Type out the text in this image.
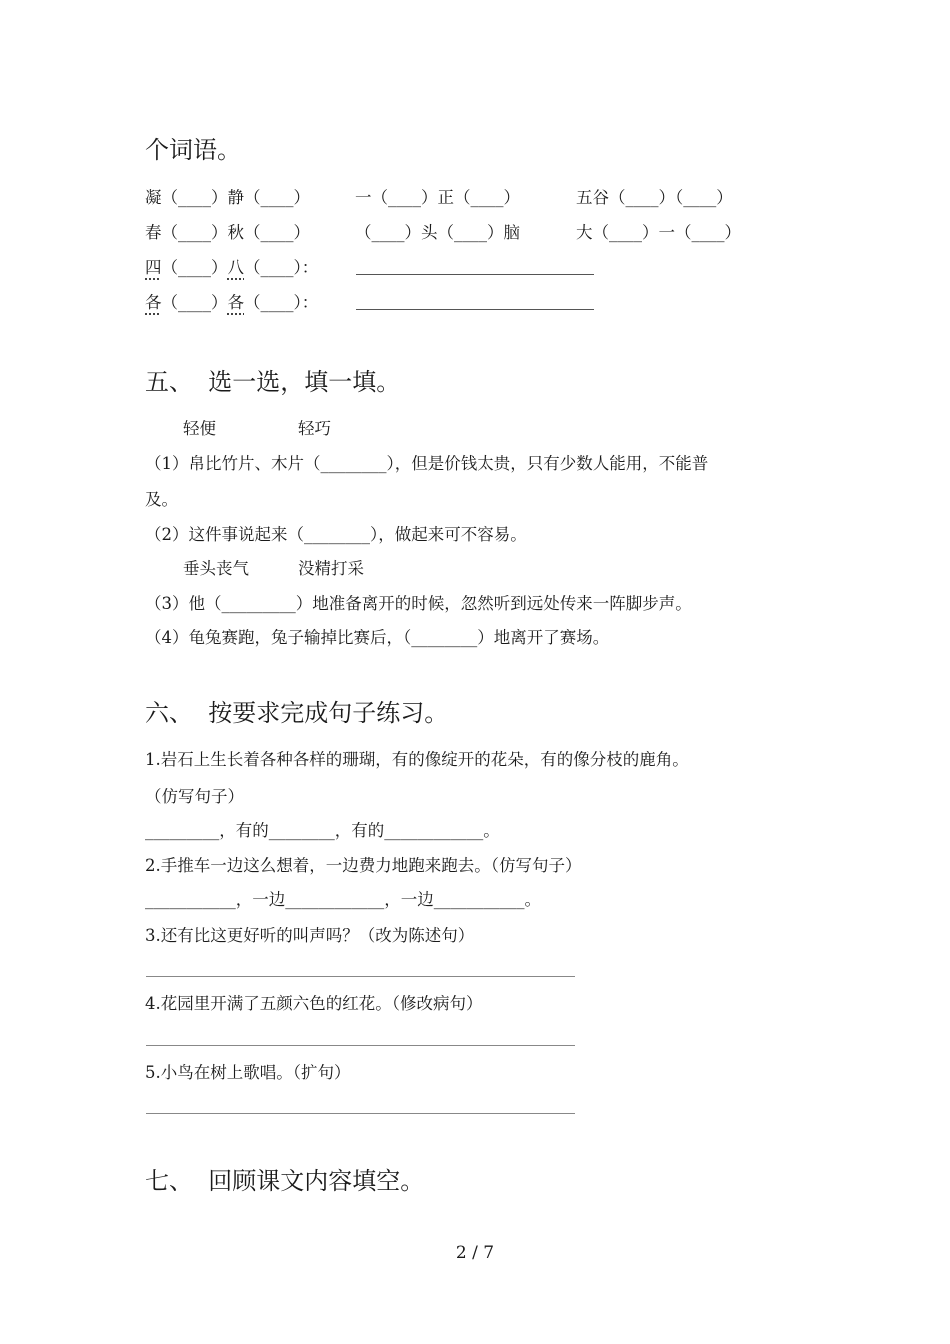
个词语。
凝（____）静（____）	一（____）正（____）	五谷（____）（____）
春（____）秋（____）	（____）头（____）脑	大（____）一（____）
四（____）八（____）：
各（____）各（____）：
五、  选一选，填一填。
轻便	轻巧
（1）帛比竹片、木片（________），但是价钱太贵，只有少数人能用，不能普
及。
（2）这件事说起来（________），做起来可不容易。
垂头丧气	没精打采
（3）他（_________）地准备离开的时候，忽然听到远处传来一阵脚步声。
（4）龟兔赛跑，兔子输掉比赛后，（________）地离开了赛场。
六、  按要求完成句子练习。
1.岩石上生长着各种各样的珊瑚，有的像绽开的花朵，有的像分枝的鹿角。
（仿写句子）
_________，有的________，有的____________。
2.手推车一边这么想着，一边费力地跑来跑去。（仿写句子）
___________，一边____________，一边___________。
3.还有比这更好听的叫声吗？（改为陈述句）
4.花园里开满了五颜六色的红花。（修改病句）
5.小鸟在树上歌唱。（扩句）
七、  回顾课文内容填空。
2 / 7
